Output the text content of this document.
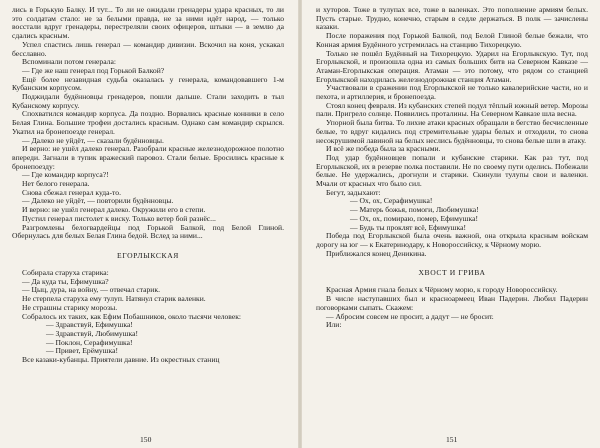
лись в Горькую Балку. И тут... То ли не ожидали гренадеры удара красных, то ли это солдатам стало: не за белыми правда, не за ними идёт народ, — только восстали вдруг гренадеры, перестреляли своих офицеров, штыки — в землю да сдались красным.

Успел спастись лишь генерал — командир дивизии. Вскочил на коня, ускакал бесславно.

Вспоминали потом генерала:

— Где же наш генерал под Горькой Балкой?

Ещё более незавидная судьба оказалась у генерала, командовавшего 1-м Кубанским корпусом.

Поджидали будённовцы гренадеров, пошли дальше. Стали заходить в тыл Кубанскому корпусу.

Спохватился командир корпуса. Да поздно. Ворвались красные конники в село Белая Глина. Большие трофеи достались красным. Однако сам командир скрылся. Укатил на бронепоезде генерал.

— Далеко не уйдёт, — сказали будённовцы.

И верно: не ушёл далеко генерал. Разобрали красные железнодорожное полотно впереди. Загнали в тупик вражеский паровоз. Стали белые. Бросились красные к бронепоезду:

— Где командир корпуса?!

Нет белого генерала.

Снова сбежал генерал куда-то.

— Далеко не уйдёт, — повторили будённовцы.

И верно: не ушёл генерал далеко. Окружили его в степи.

Пустил генерал пистолет к виску. Только ветер бой разнёс...

Разгромлены белогвардейцы под Горькой Балкой, под Белой Глиной. Обернулась для белых Белая Глина бедой. Вслед за ними...

ЕГОРЛЫКСКАЯ

Собирала старуха старика:

— Да куда ты, Ефимушка?

— Цыц, дура, на войну, — отвечал старик.

Не стерпела старуха ему тулуп. Натянул старик валенки.

Не страшны старику морозы.

Собралось их таких, как Ефим Побашников, около тысячи человек:

— Здравствуй, Ефимушка!

— Здравствуй, Любимушка!

— Поклон, Серафимушка!

— Привет, Ерёмушка!

Все казаки-кубанцы. Приятели давние. Из окрестных станиц

150

и хуторов. Тоже в тулупах все, тоже в валенках. Это пополнение армиям белых. Пусть старые. Трудно, конечно, старым в седле держаться. В полк — зачислены казаки.

После поражения под Горькой Балкой, под Белой Глиной белые бежали, что Конная армия Будённого устремилась на станцию Тихорецкую.

Только не пошёл Будённый на Тихорецкую. Ударил на Егорлыкскую. Тут, под Егорлыкской, и произошла одна из самых больших битв на Северном Кавказе — Атаман-Егорлыкская операция. Атаман — это потому, что рядом со станцией Егорлыкской находилась железнодорожная станция Атаман.

Участвовали в сражении под Егорлыкской не только кавалерийские части, но и пехота, и артиллерия, и бронепоезда.

Стоял конец февраля. Из кубанских степей подул тёплый южный ветер. Морозы пали. Пригрело солнце. Появились проталины. На Северном Кавказе шла весна.

Упорной была битва. То лихие атаки красных обращали в бегство бесчисленные белые, то вдруг кидались под стремительные удары белых и отходили, то снова несокрушимой лавиной на белых неслись будённовцы, то снова белые шли в атаку.

И всё же победа была за красными.

Под удар будённовцев попали и кубанские старики. Как раз тут, под Егорлыкской, их в резерве полка поставили. Не по своему пути оделись. Побежали белые. Не удержались, дрогнули и старики. Скинули тулупы свои и валенки. Мчали от красных что было сил.

Бегут, задыхают:

— Ох, ох, Серафимушка!

— Матерь божья, помоги, Любимушка!

— Ох, ох, помираю, помер, Ефимушка!

— Будь ты проклят всё, Ефимушка!

Победа под Егорлыкской была очень важной, она открыла красным войскам дорогу на юг — к Екатеринодару, к Новороссийску, к Чёрному морю.

Приближался конец Деникина.

ХВОСТ И ГРИВА

Красная Армия гнала белых к Чёрному морю, к городу Новороссийску.

В числе наступавших был и красноармеец Иван Падерин. Любил Падерин поговорками сыпать. Скажем:

— Абросим совсем не просит, а дадут — не бросит.

Или:

151
